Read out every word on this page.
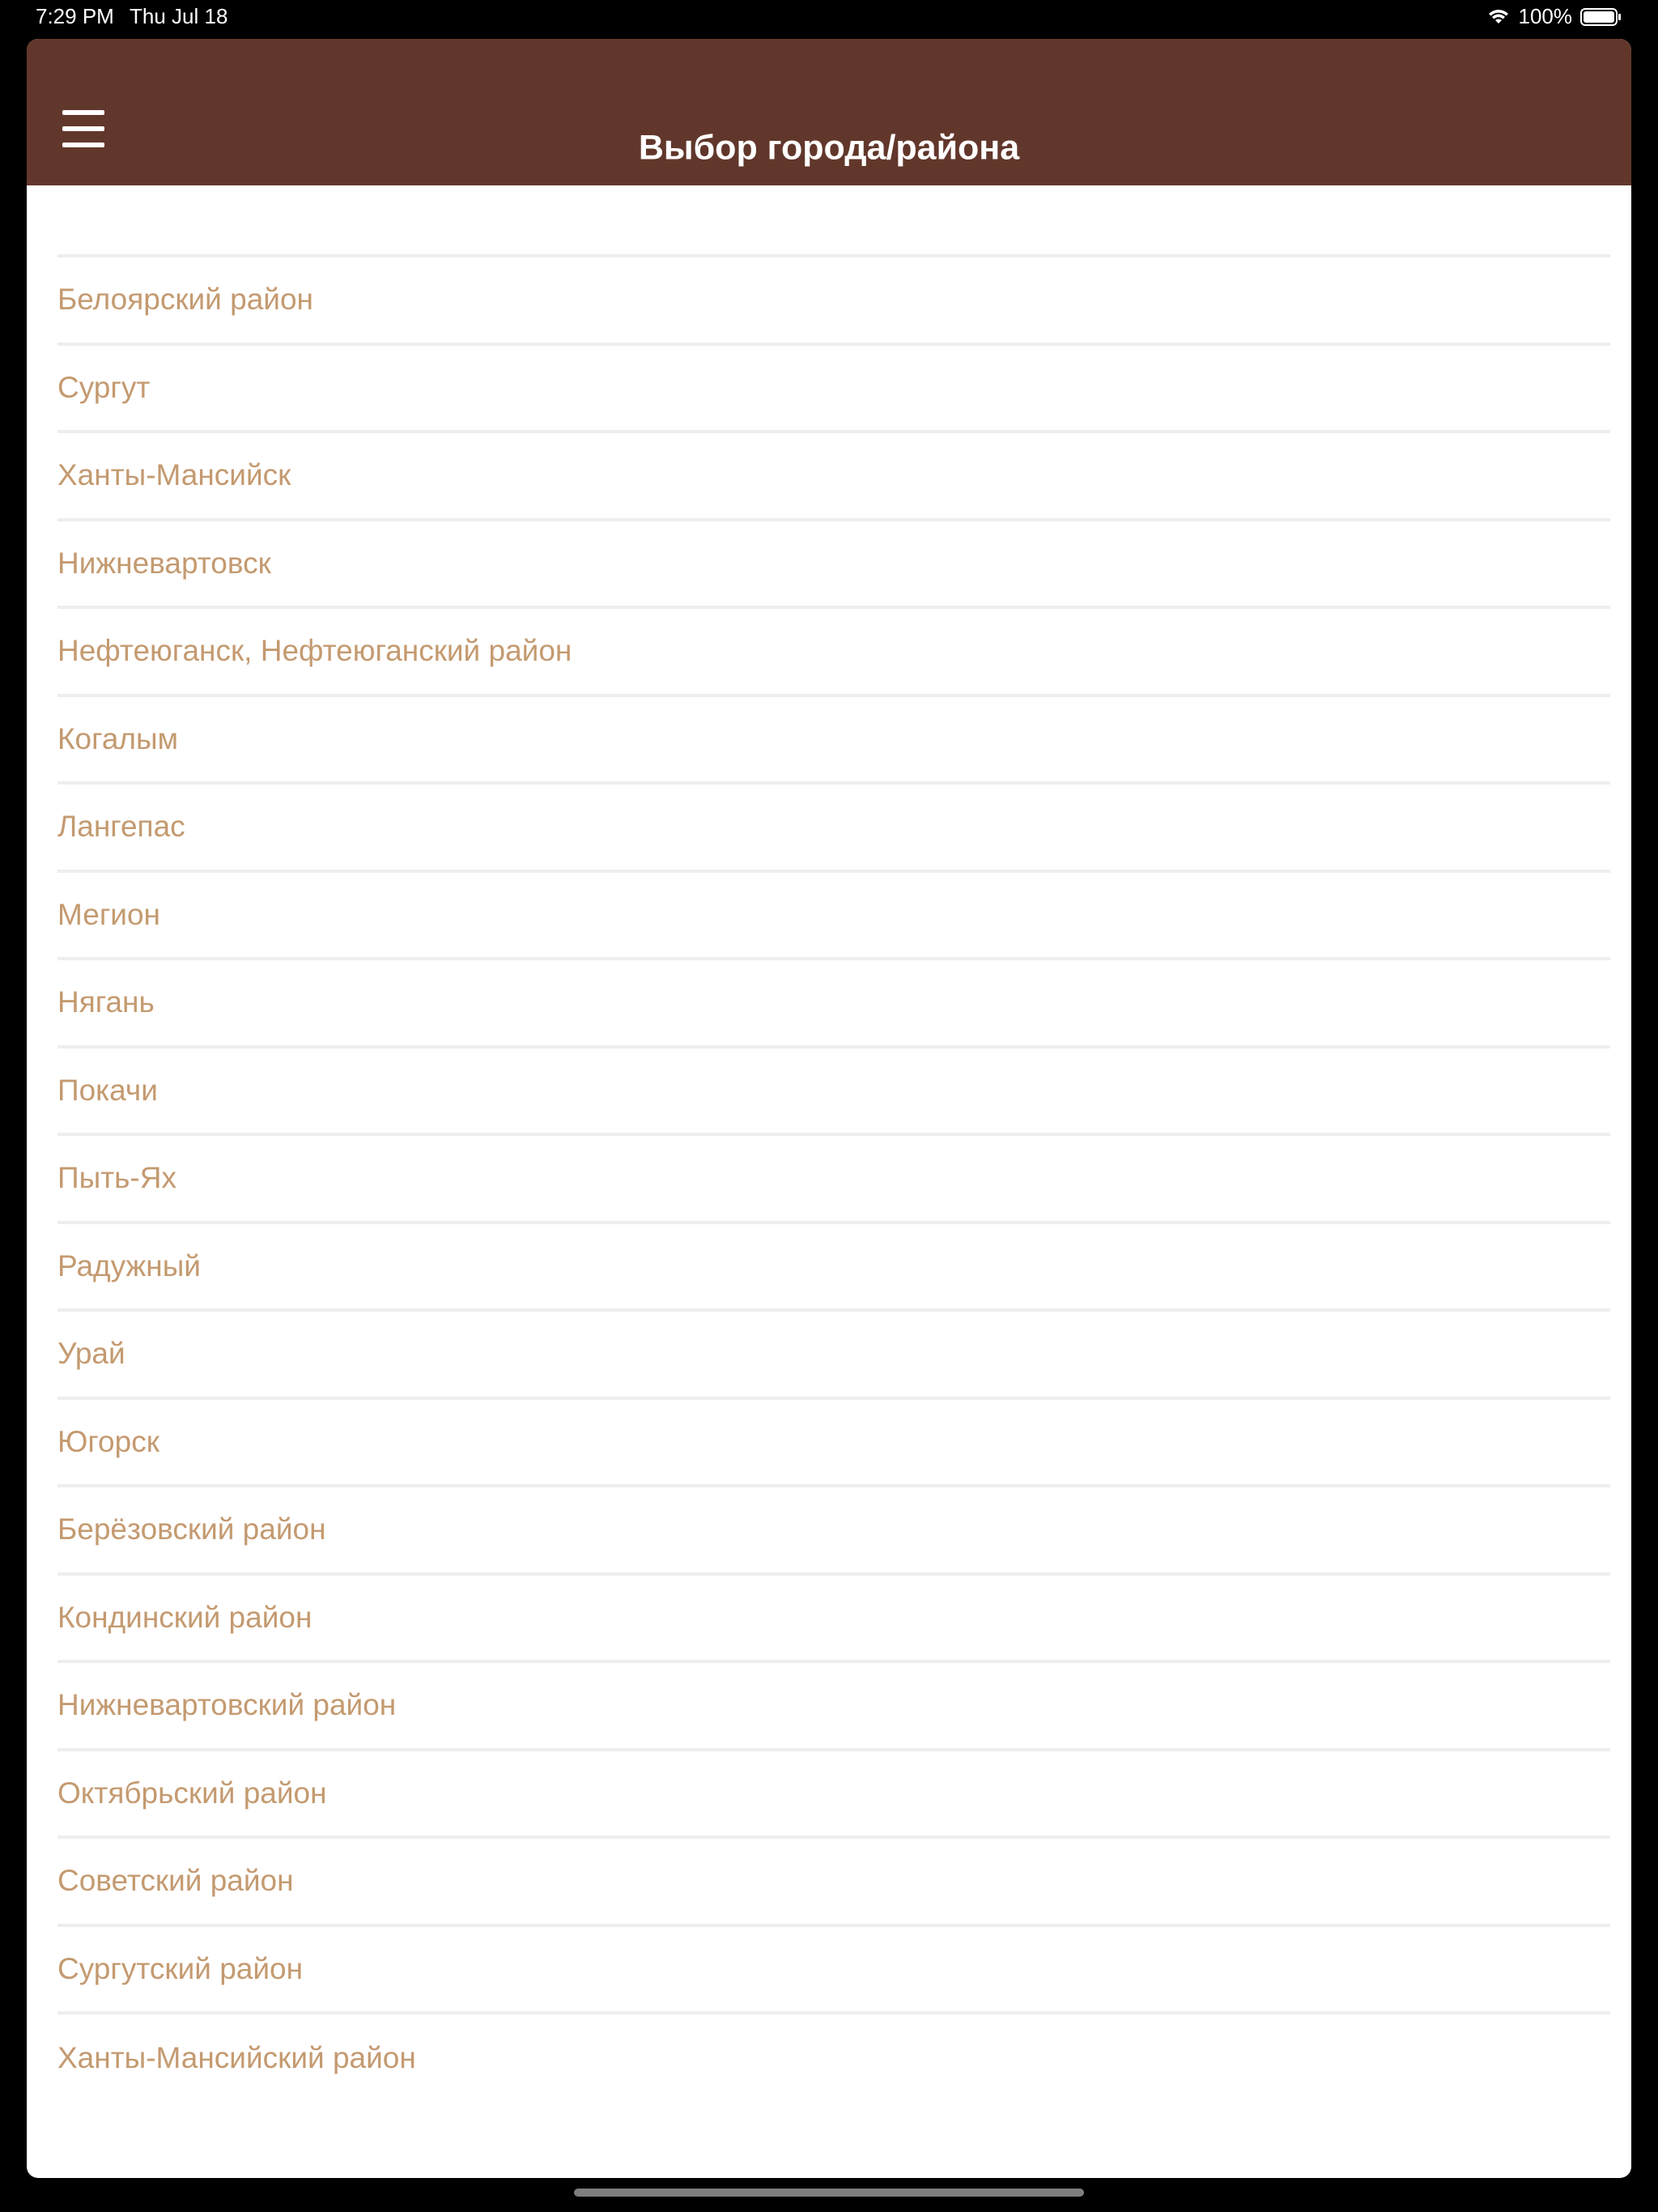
7:29 PM Thu Jul 18	100%
Выбор города/района
Белоярский район
Сургут
Ханты-Мансийск
Нижневартовск
Нефтеюганск, Нефтеюганский район
Когалым
Лангепас
Мегион
Нягань
Покачи
Пыть-Ях
Радужный
Урай
Югорск
Берёзовский район
Кондинский район
Нижневартовский район
Октябрьский район
Советский район
Сургутский район
Ханты-Мансийский район
